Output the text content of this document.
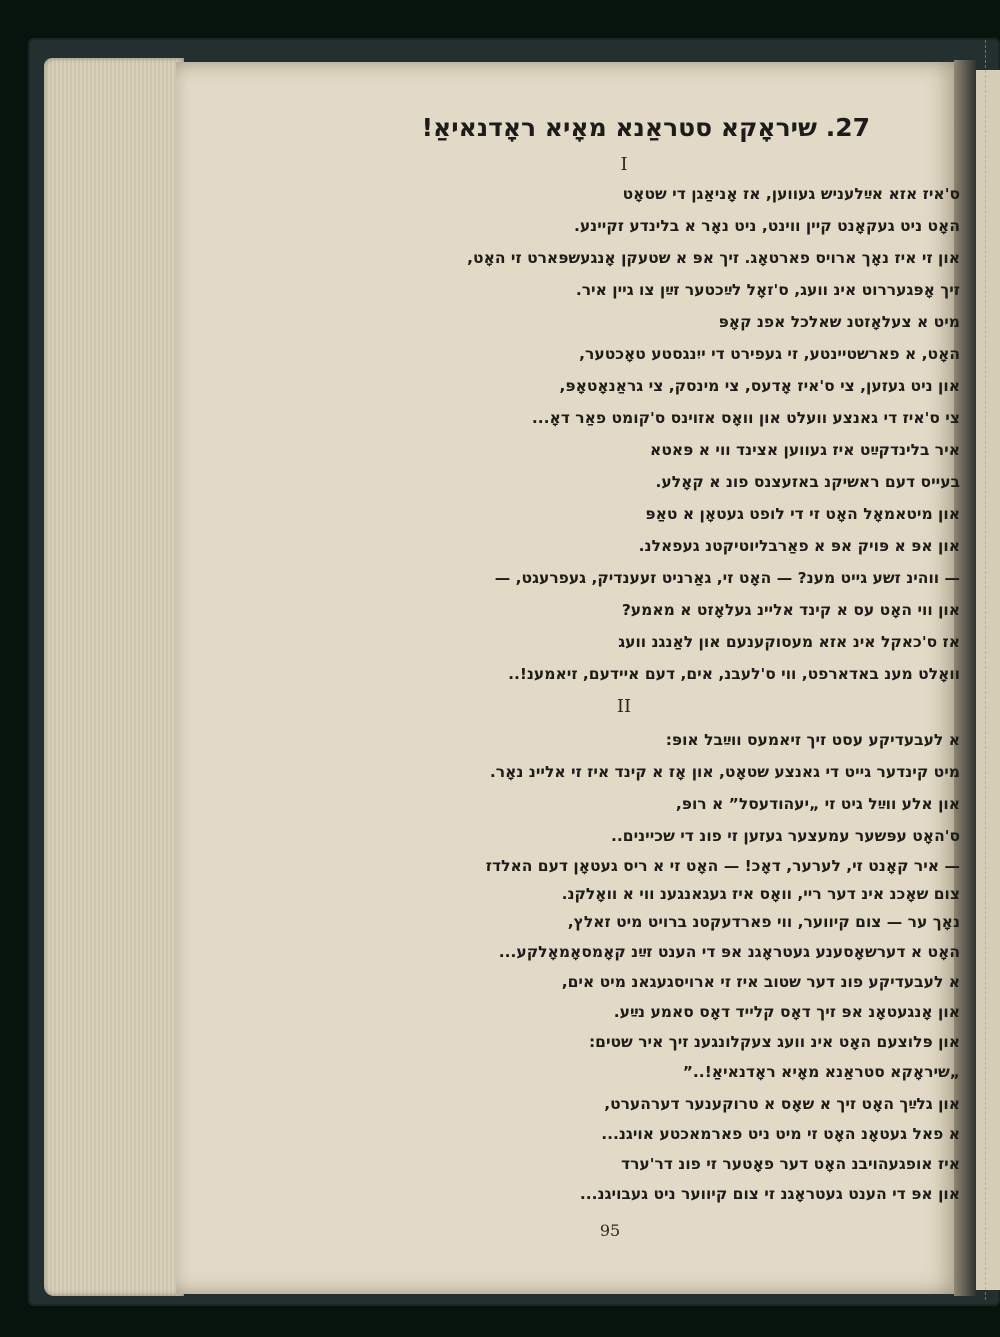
27. שיראָקא סטראַנא מאָיא ראָדנאיאַ!
I
ס'איז אזא אײַלעניש געווען, אז אָניאַגן די שטאָט
האָט ניט געקאָנט קיין ווינט, ניט נאָר א בלינדע זקיינע.
און זי איז נאָך ארויס פארטאָג. זיך אפּ א שטעקן אָנגעשפּארט זי האָט,
זיך אָפּגעררוט אינ וועג, ס'זאָל לײַכטער זײַן צו גיין איר.
מיט א צעלאָזטנ שאלכל אפנ קאָפּ
האָט, א פארשטיינטע, זי געפירט די ייִנגסטע טאָכטער,
און ניט געזען, צי ס'איז אָדעס, צי מינסק, צי גראַנאָטאָפּ,
צי ס'איז די גאנצע וועלט און וואָס אזוינס ס'קומט פאַר דאָ...
איר בלינדקײַט איז געווען אצינד ווי א פּאטא
בעייס דעם ראשיקנ באזעצנס פונ א קאָלע.
און מיטאמאָל האָט זי די לופט געטאָן א טאַפּ
און אפּ א פּויק אפּ א פאַרבליוטיקטנ געפאלנ.
— ווהינ זשע גייט מענ? — האָט זי, גאַרניט זעענדיק, געפרעגט, —
און ווי האָט עס א קינד אליינ געלאָזט א מאמע?
אז ס'כאקל אינ אזא מעסוקענעם און לאַנגנ וועג
וואָלט מענ באדארפט, ווי ס'לעבנ, אים, דעם איידעם, זיאמענ!..
II
א לעבעדיקע עסט זיך זיאמעס ווײַבל אופּ:
מיט קינדער גייט די גאנצע שטאָט, און אָז א קינד איז זי אליינ נאָר.
און אלע ווײַל גיט זי „יעהודעסל” א רופּ,
ס'האָט עפּשער עמעצער געזען זי פונ די שכיינים..
— איר קאָנט זי, לערער, דאָכ! — האָט זי א ריס געטאָן דעם האלדז
צום שאָכנ אינ דער ריי, וואָס איז געגאנגענ ווי א וואָלקנ.
נאָך ער — צום קיווער, ווי פארדעקטנ ברויט מיט זאלץ,
האָט א דערשאָסענע געטראָגנ אפּ די הענט זײַנ קאָמסאָמאָלקע...
א לעבעדיקע פונ דער שטוב איז זי ארויסגעגאנ מיט אים,
און אָנגעטאָנ אפּ זיך דאָס קלייד דאָס סאמע נײַע.
און פּלוצעם האָט אינ וועג צעקלונגענ זיך איר שטים:
„שיראָקא סטראַנא מאָיא ראָדנאיאַ!..”
און גלײַך האָט זיך א שאָס א טרוקענער דערהערט,
א פאל געטאָנ האָט זי מיט ניט פארמאכטע אויגנ...
איז אופגעהויבנ האָט דער פאָטער זי פונ דר'ערד
און אפּ די הענט געטראָגנ זי צום קיווער ניט געבויגנ...
95
